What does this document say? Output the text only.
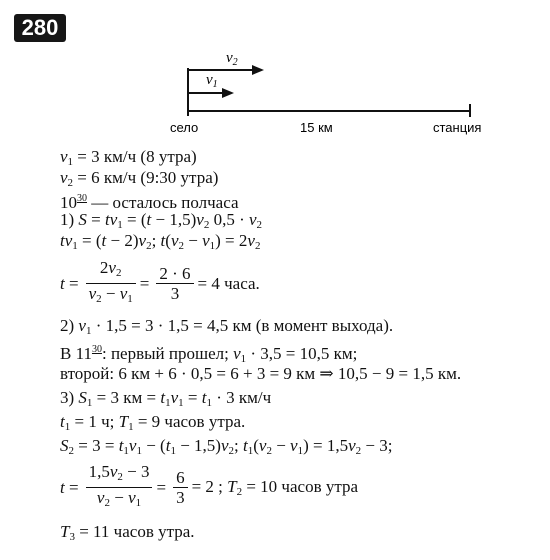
280
$v_2$
$v_1$
село	15 км	станция
$v_1 = 3$ км/ч (8 утра)
$v_2 = 6$ км/ч (9:30 утра)
$10^{30}$ — осталось полчаса
1) $S = tv_1 = (t - 1,5)v_2$ $0,5 \cdot v_2$
$tv_1 = (t - 2)v_2$; $t(v_2 - v_1) = 2v_2$
$t = \frac{2v_2}{v_2 - v_1} = \frac{2 \cdot 6}{3} = 4$ часа.
2) $v_1 \cdot 1,5 = 3 \cdot 1,5 = 4,5$ км (в момент выхода).
В $11^{30}$: первый прошел; $v_1 \cdot 3,5 = 10,5$ км;
второй: 6 км + 6 · 0,5 = 6 + 3 = 9 км ⇒ 10,5 − 9 = 1,5 км.
3) $S_1 = 3$ км = $t_1v_1 = t_1 \cdot 3$ км/ч
$t_1 = 1$ ч; $T_1 = 9$ часов утра.
$S_2 = 3 = t_1v_1 - (t_1 - 1,5)v_2$; $t_1(v_2 - v_1) = 1,5v_2 - 3$;
$t = \frac{1,5v_2 - 3}{v_2 - v_1} = \frac{6}{3} = 2$ ; $T_2 = 10$ часов утра
$T_3 = 11$ часов утра.
